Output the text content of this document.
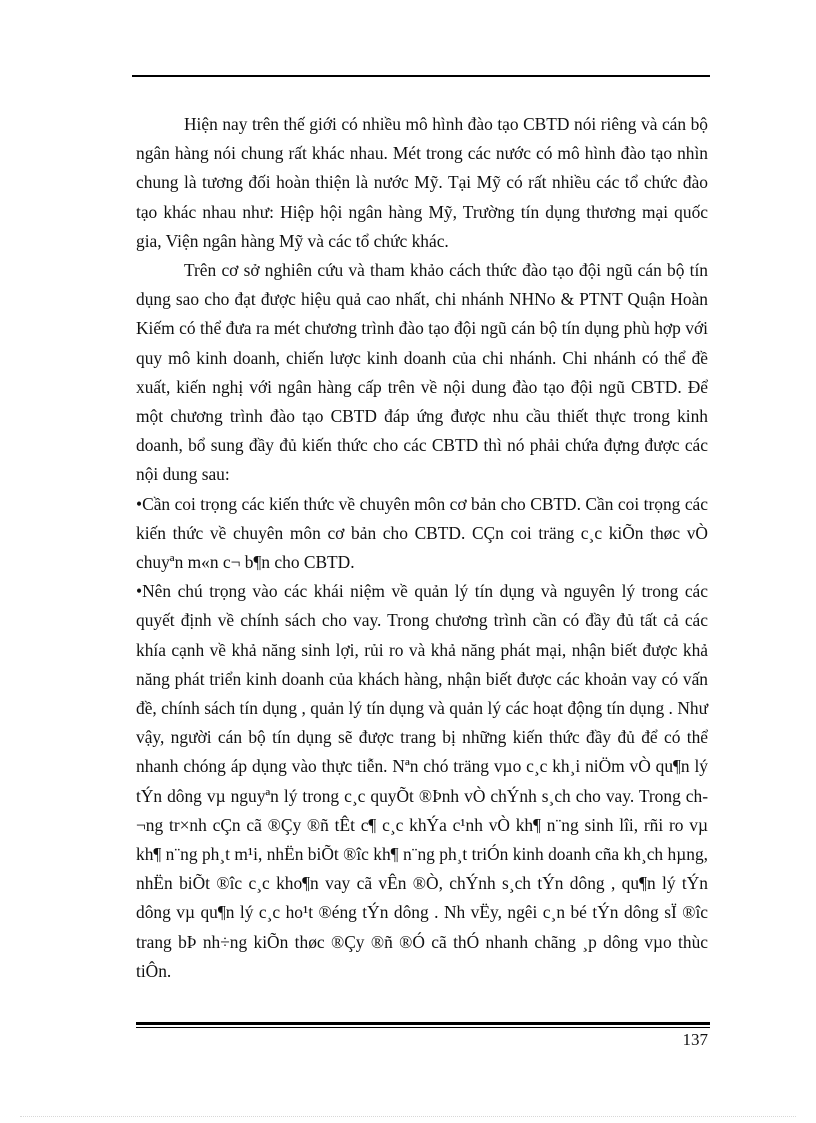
Hiện nay trên thế giới có nhiều mô hình đào tạo CBTD nói riêng và cán bộ ngân hàng nói chung rất khác nhau. Mét trong các nước có mô hình đào tạo nhìn chung là tương đối hoàn thiện là nước Mỹ. Tại Mỹ có rất nhiều các tổ chức đào tạo khác nhau như: Hiệp hội ngân hàng Mỹ, Trường tín dụng thương mại quốc gia, Viện ngân hàng Mỹ và các tổ chức khác.

Trên cơ sở nghiên cứu và tham khảo cách thức đào tạo đội ngũ cán bộ tín dụng sao cho đạt được hiệu quả cao nhất, chi nhánh NHNo & PTNT Quận Hoàn Kiếm có thể đưa ra mét chương trình đào tạo đội ngũ cán bộ tín dụng phù hợp với quy mô kinh doanh, chiến lược kinh doanh của chi nhánh. Chi nhánh có thể đề xuất, kiến nghị với ngân hàng cấp trên về nội dung đào tạo đội ngũ CBTD. Để một chương trình đào tạo CBTD đáp ứng được nhu cầu thiết thực trong kinh doanh, bổ sung đầy đủ kiến thức cho các CBTD thì nó phải chứa đựng được các nội dung sau:

•Cần coi trọng các kiến thức về chuyên môn cơ bản cho CBTD. Cần coi trọng các kiến thức về chuyên môn cơ bản cho CBTD. CÇn coi träng c¸c kiÕn thøc vÒ chuyªn m«n c¬ b¶n cho CBTD.

•Nên chú trọng vào các khái niệm về quản lý tín dụng và nguyên lý trong các quyết định về chính sách cho vay. Trong chương trình cần có đầy đủ tất cả các khía cạnh về khả năng sinh lợi, rủi ro và khả năng phát mại, nhận biết được khả năng phát triển kinh doanh của khách hàng, nhận biết được các khoản vay có vấn đề, chính sách tín dụng , quản lý tín dụng và quản lý các hoạt động tín dụng . Như vậy, người cán bộ tín dụng sẽ được trang bị những kiến thức đầy đủ để có thể nhanh chóng áp dụng vào thực tiễn. Nªn chó träng vµo c¸c kh¸i niÖm vÒ qu¶n lý tÝn dông vµ nguyªn lý trong c¸c quyÕt ®Þnh vÒ chÝnh s¸ch cho vay. Trong ch¬ng tr×nh cÇn cã ®Çy ®ñ tÊt c¶ c¸c khÝa c¹nh vÒ kh¶ n¨ng sinh lîi, rñi ro vµ kh¶ n¨ng ph¸t m¹i, nhËn biÕt ®îc kh¶ n¨ng ph¸t triÓn kinh doanh cña kh¸ch hµng, nhËn biÕt ®îc c¸c kho¶n vay cã vÊn ®Ò, chÝnh s¸ch tÝn dông , qu¶n lý tÝn dông vµ qu¶n lý c¸c ho¹t ®éng tÝn dông . Nh vËy, ngêi c¸n bé tÝn dông sÏ ®îc trang bÞ nh÷ng kiÕn thøc ®Çy ®ñ ®Ó cã thÓ nhanh chãng ¸p dông vµo thùc tiÔn.

137
